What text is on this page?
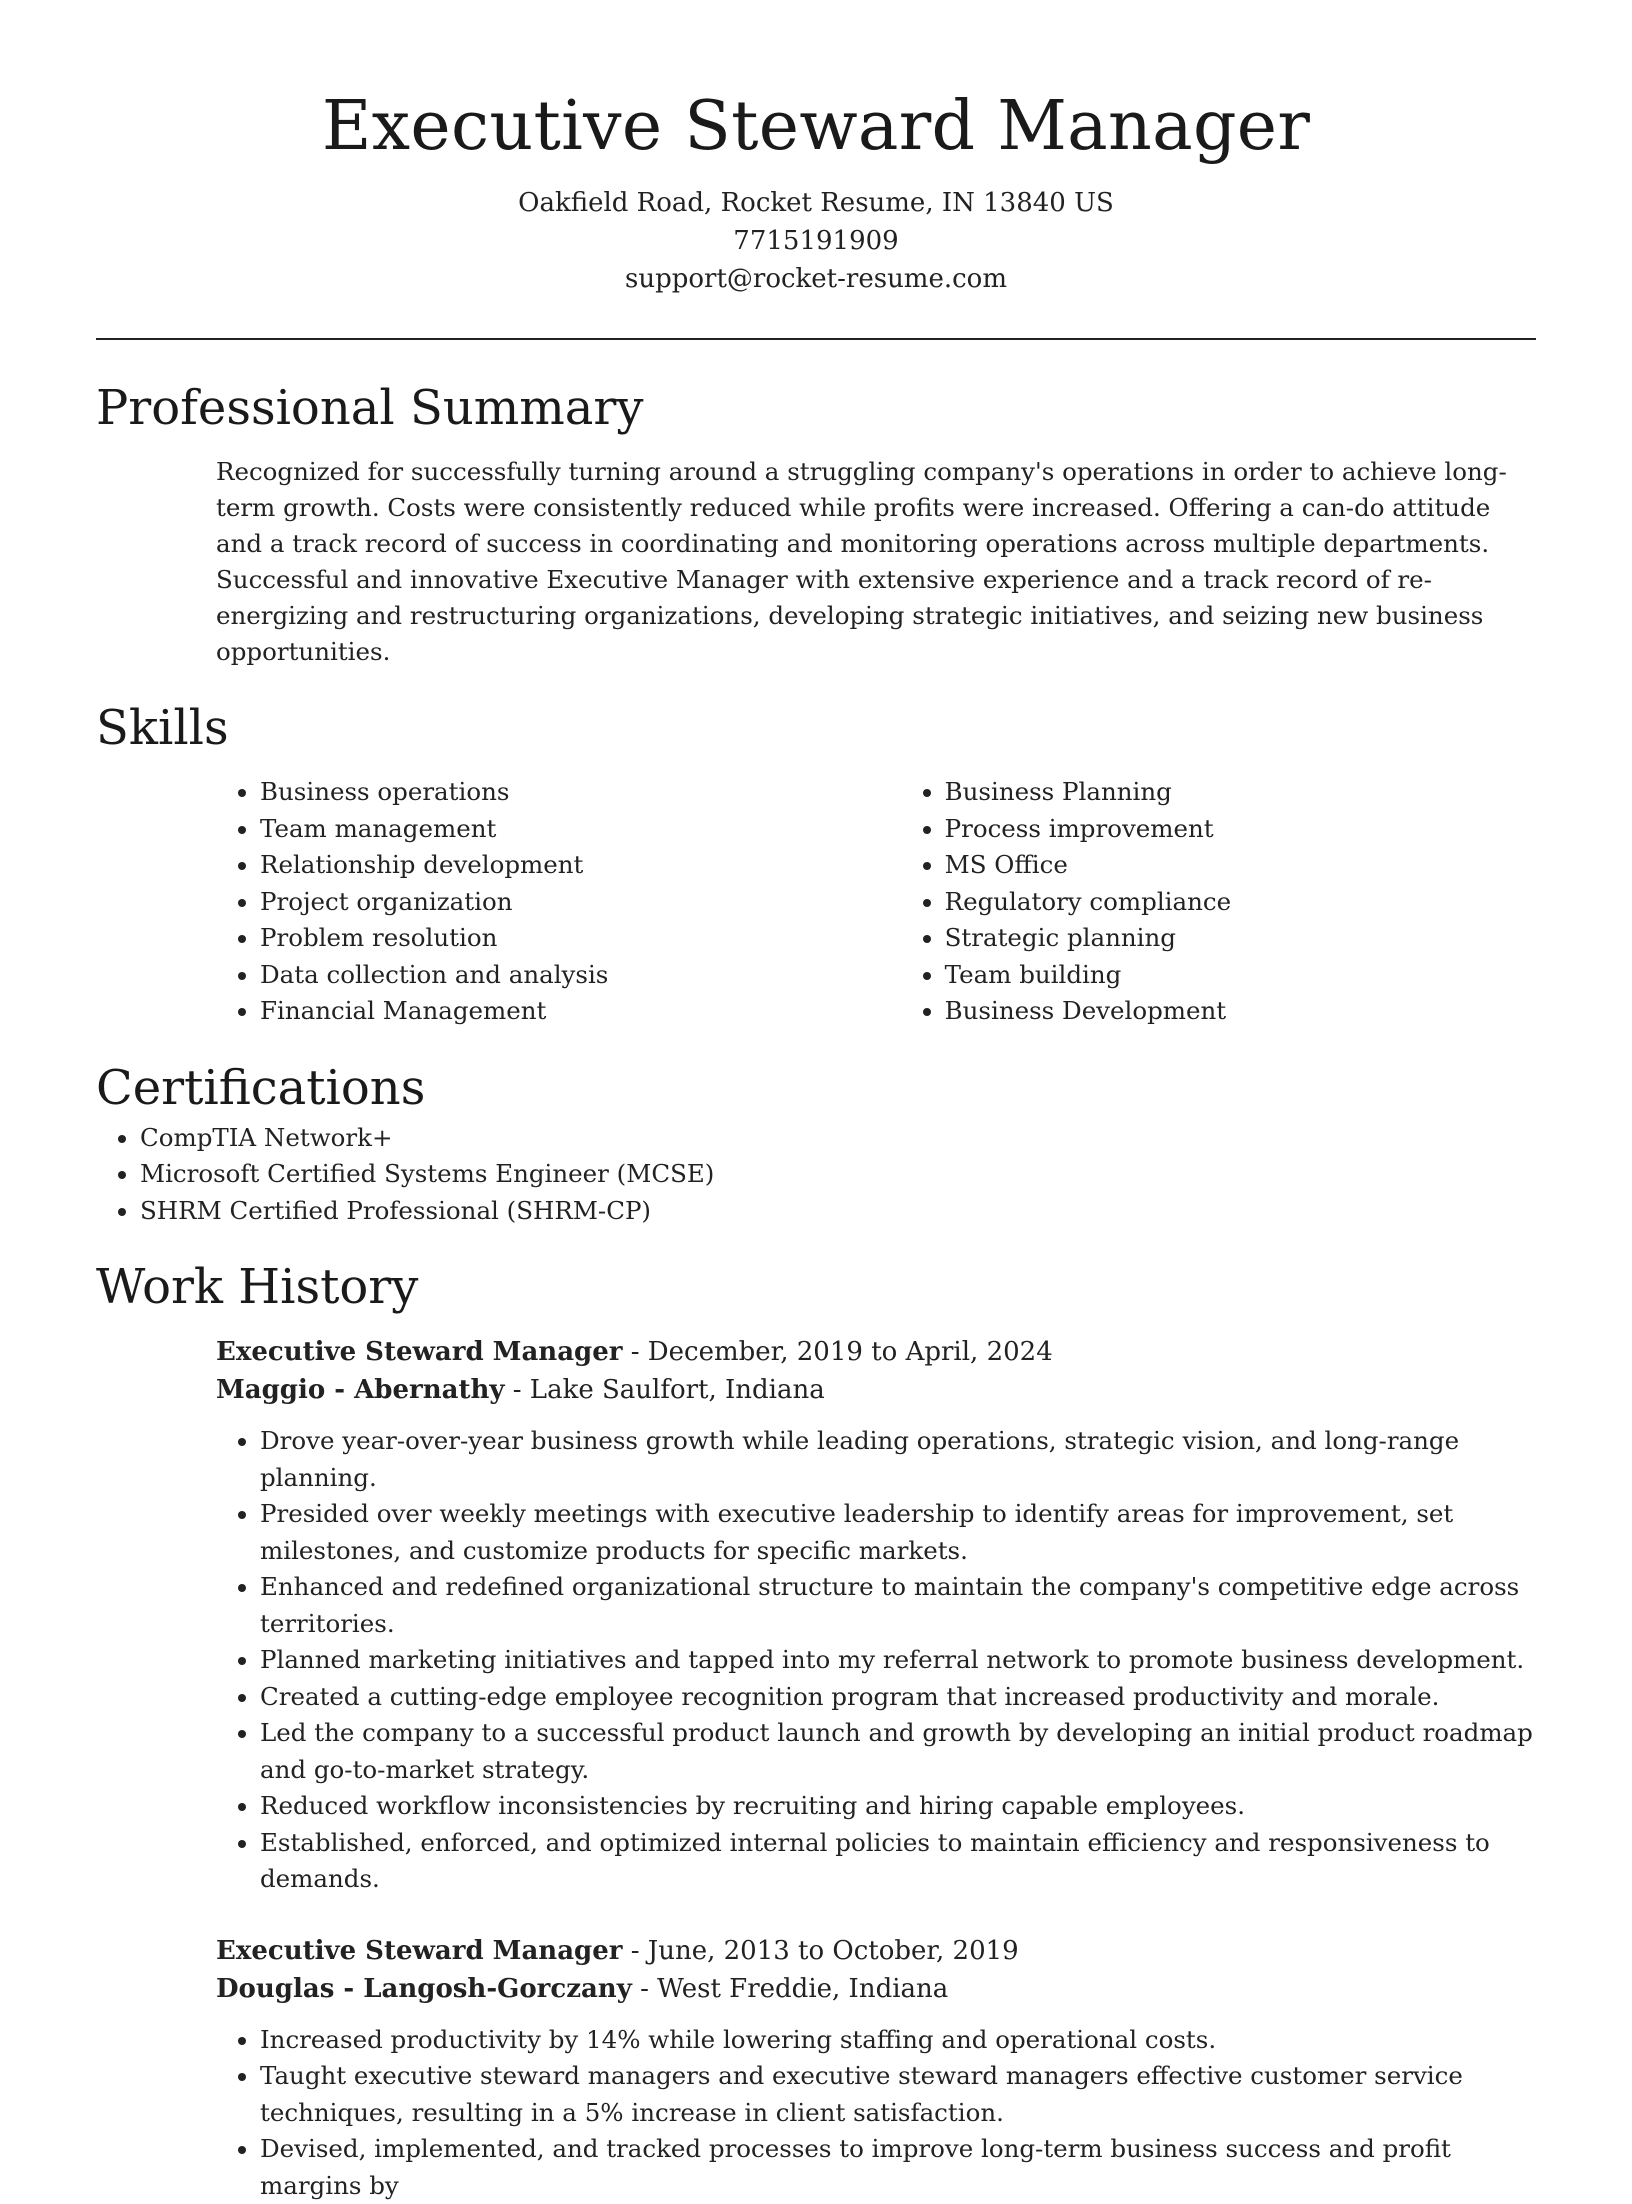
Executive Steward Manager
Oakfield Road, Rocket Resume, IN 13840 US
7715191909
support@rocket-resume.com
Professional Summary

Recognized for successfully turning around a struggling company's operations in order to achieve long-term growth. Costs were consistently reduced while profits were increased. Offering a can-do attitude and a track record of success in coordinating and monitoring operations across multiple departments. Successful and innovative Executive Manager with extensive experience and a track record of re-energizing and restructuring organizations, developing strategic initiatives, and seizing new business opportunities.

Skills
• Business operations
• Team management
• Relationship development
• Project organization
• Problem resolution
• Data collection and analysis
• Financial Management
• Business Planning
• Process improvement
• MS Office
• Regulatory compliance
• Strategic planning
• Team building
• Business Development
Certifications
• CompTIA Network+
• Microsoft Certified Systems Engineer (MCSE)
• SHRM Certified Professional (SHRM-CP)
Work History
Executive Steward Manager - December, 2019 to April, 2024
Maggio - Abernathy - Lake Saulfort, Indiana
• Drove year-over-year business growth while leading operations, strategic vision, and long-range planning.
• Presided over weekly meetings with executive leadership to identify areas for improvement, set milestones, and customize products for specific markets.
• Enhanced and redefined organizational structure to maintain the company's competitive edge across territories.
• Planned marketing initiatives and tapped into my referral network to promote business development.
• Created a cutting-edge employee recognition program that increased productivity and morale.
• Led the company to a successful product launch and growth by developing an initial product roadmap and go-to-market strategy.
• Reduced workflow inconsistencies by recruiting and hiring capable employees.
• Established, enforced, and optimized internal policies to maintain efficiency and responsiveness to demands.
Executive Steward Manager - June, 2013 to October, 2019
Douglas - Langosh-Gorczany - West Freddie, Indiana
• Increased productivity by 14% while lowering staffing and operational costs.
• Taught executive steward managers and executive steward managers effective customer service techniques, resulting in a 5% increase in client satisfaction.
• Devised, implemented, and tracked processes to improve long-term business success and profit margins by
